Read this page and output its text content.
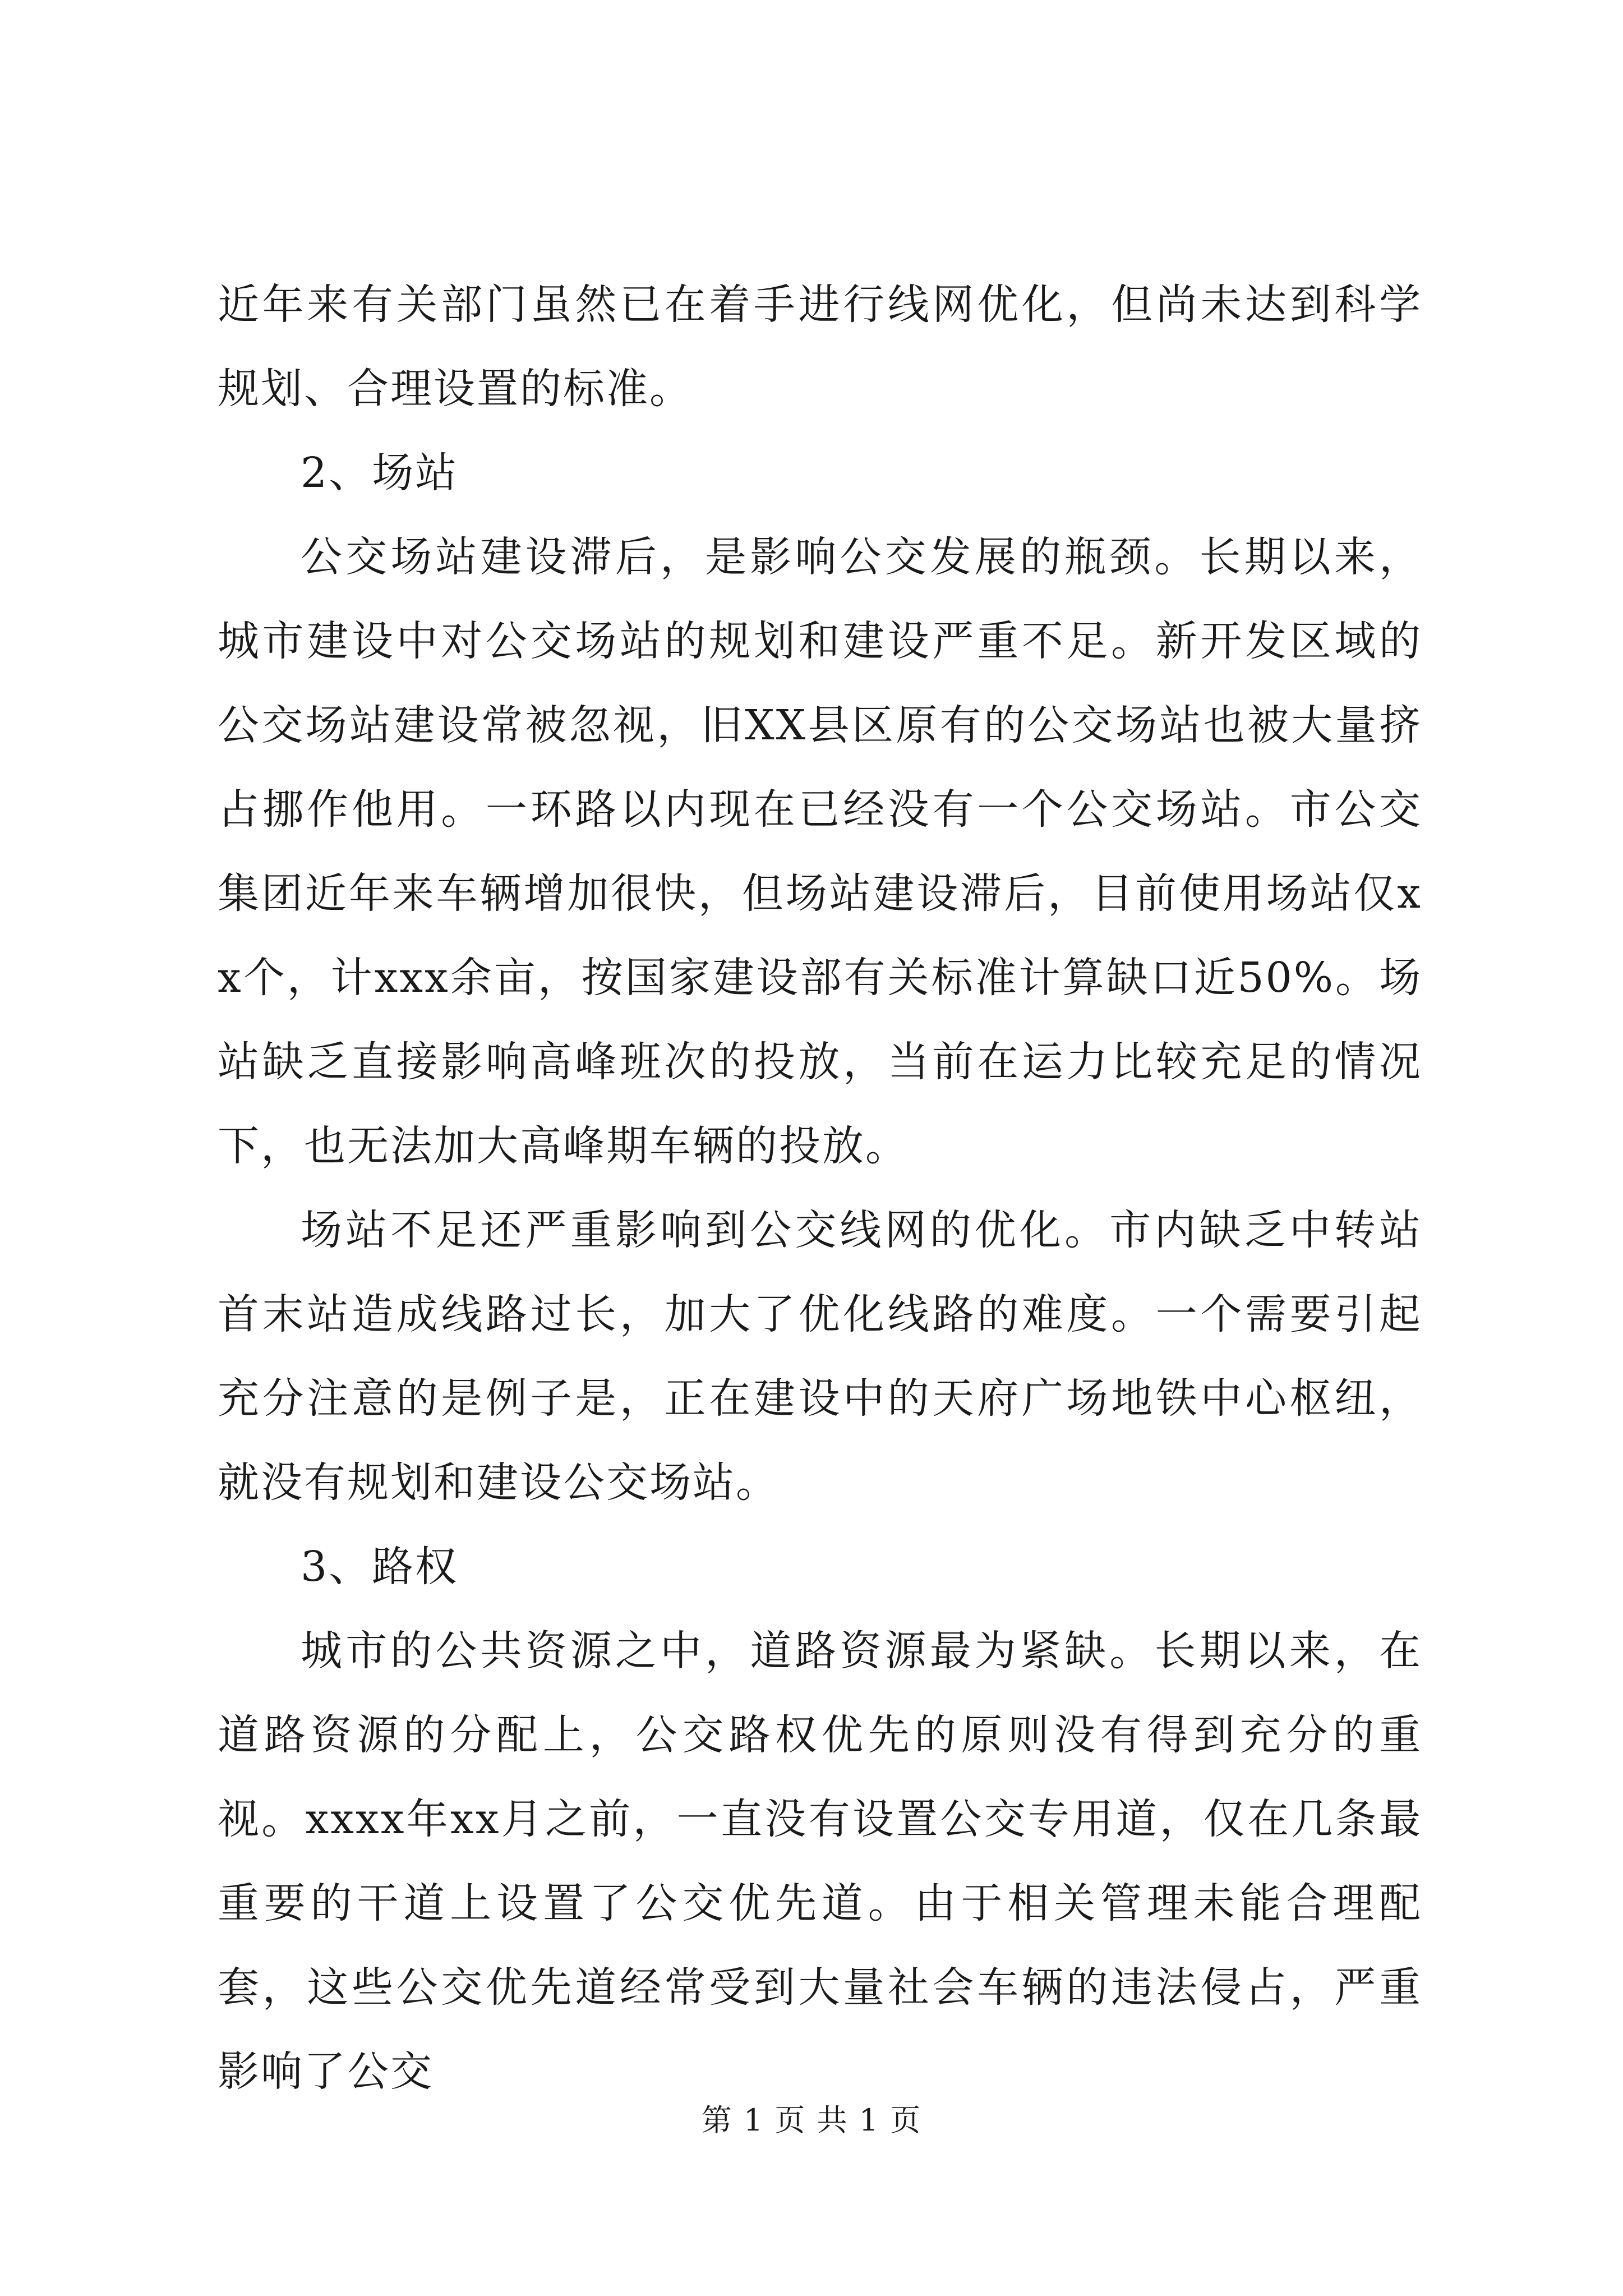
近年来有关部门虽然已在着手进行线网优化，但尚未达到科学规划、合理设置的标准。

2、场站

公交场站建设滞后，是影响公交发展的瓶颈。长期以来，城市建设中对公交场站的规划和建设严重不足。新开发区域的公交场站建设常被忽视，旧XX县区原有的公交场站也被大量挤占挪作他用。一环路以内现在已经没有一个公交场站。市公交集团近年来车辆增加很快，但场站建设滞后，目前使用场站仅xx个，计xxx余亩，按国家建设部有关标准计算缺口近50%。场站缺乏直接影响高峰班次的投放，当前在运力比较充足的情况下，也无法加大高峰期车辆的投放。

场站不足还严重影响到公交线网的优化。市内缺乏中转站首末站造成线路过长，加大了优化线路的难度。一个需要引起充分注意的是例子是，正在建设中的天府广场地铁中心枢纽，就没有规划和建设公交场站。

3、路权

城市的公共资源之中，道路资源最为紧缺。长期以来，在道路资源的分配上，公交路权优先的原则没有得到充分的重视。xxxx年xx月之前，一直没有设置公交专用道，仅在几条最重要的干道上设置了公交优先道。由于相关管理未能合理配套，这些公交优先道经常受到大量社会车辆的违法侵占，严重影响了公交

第 1 页 共 1 页
